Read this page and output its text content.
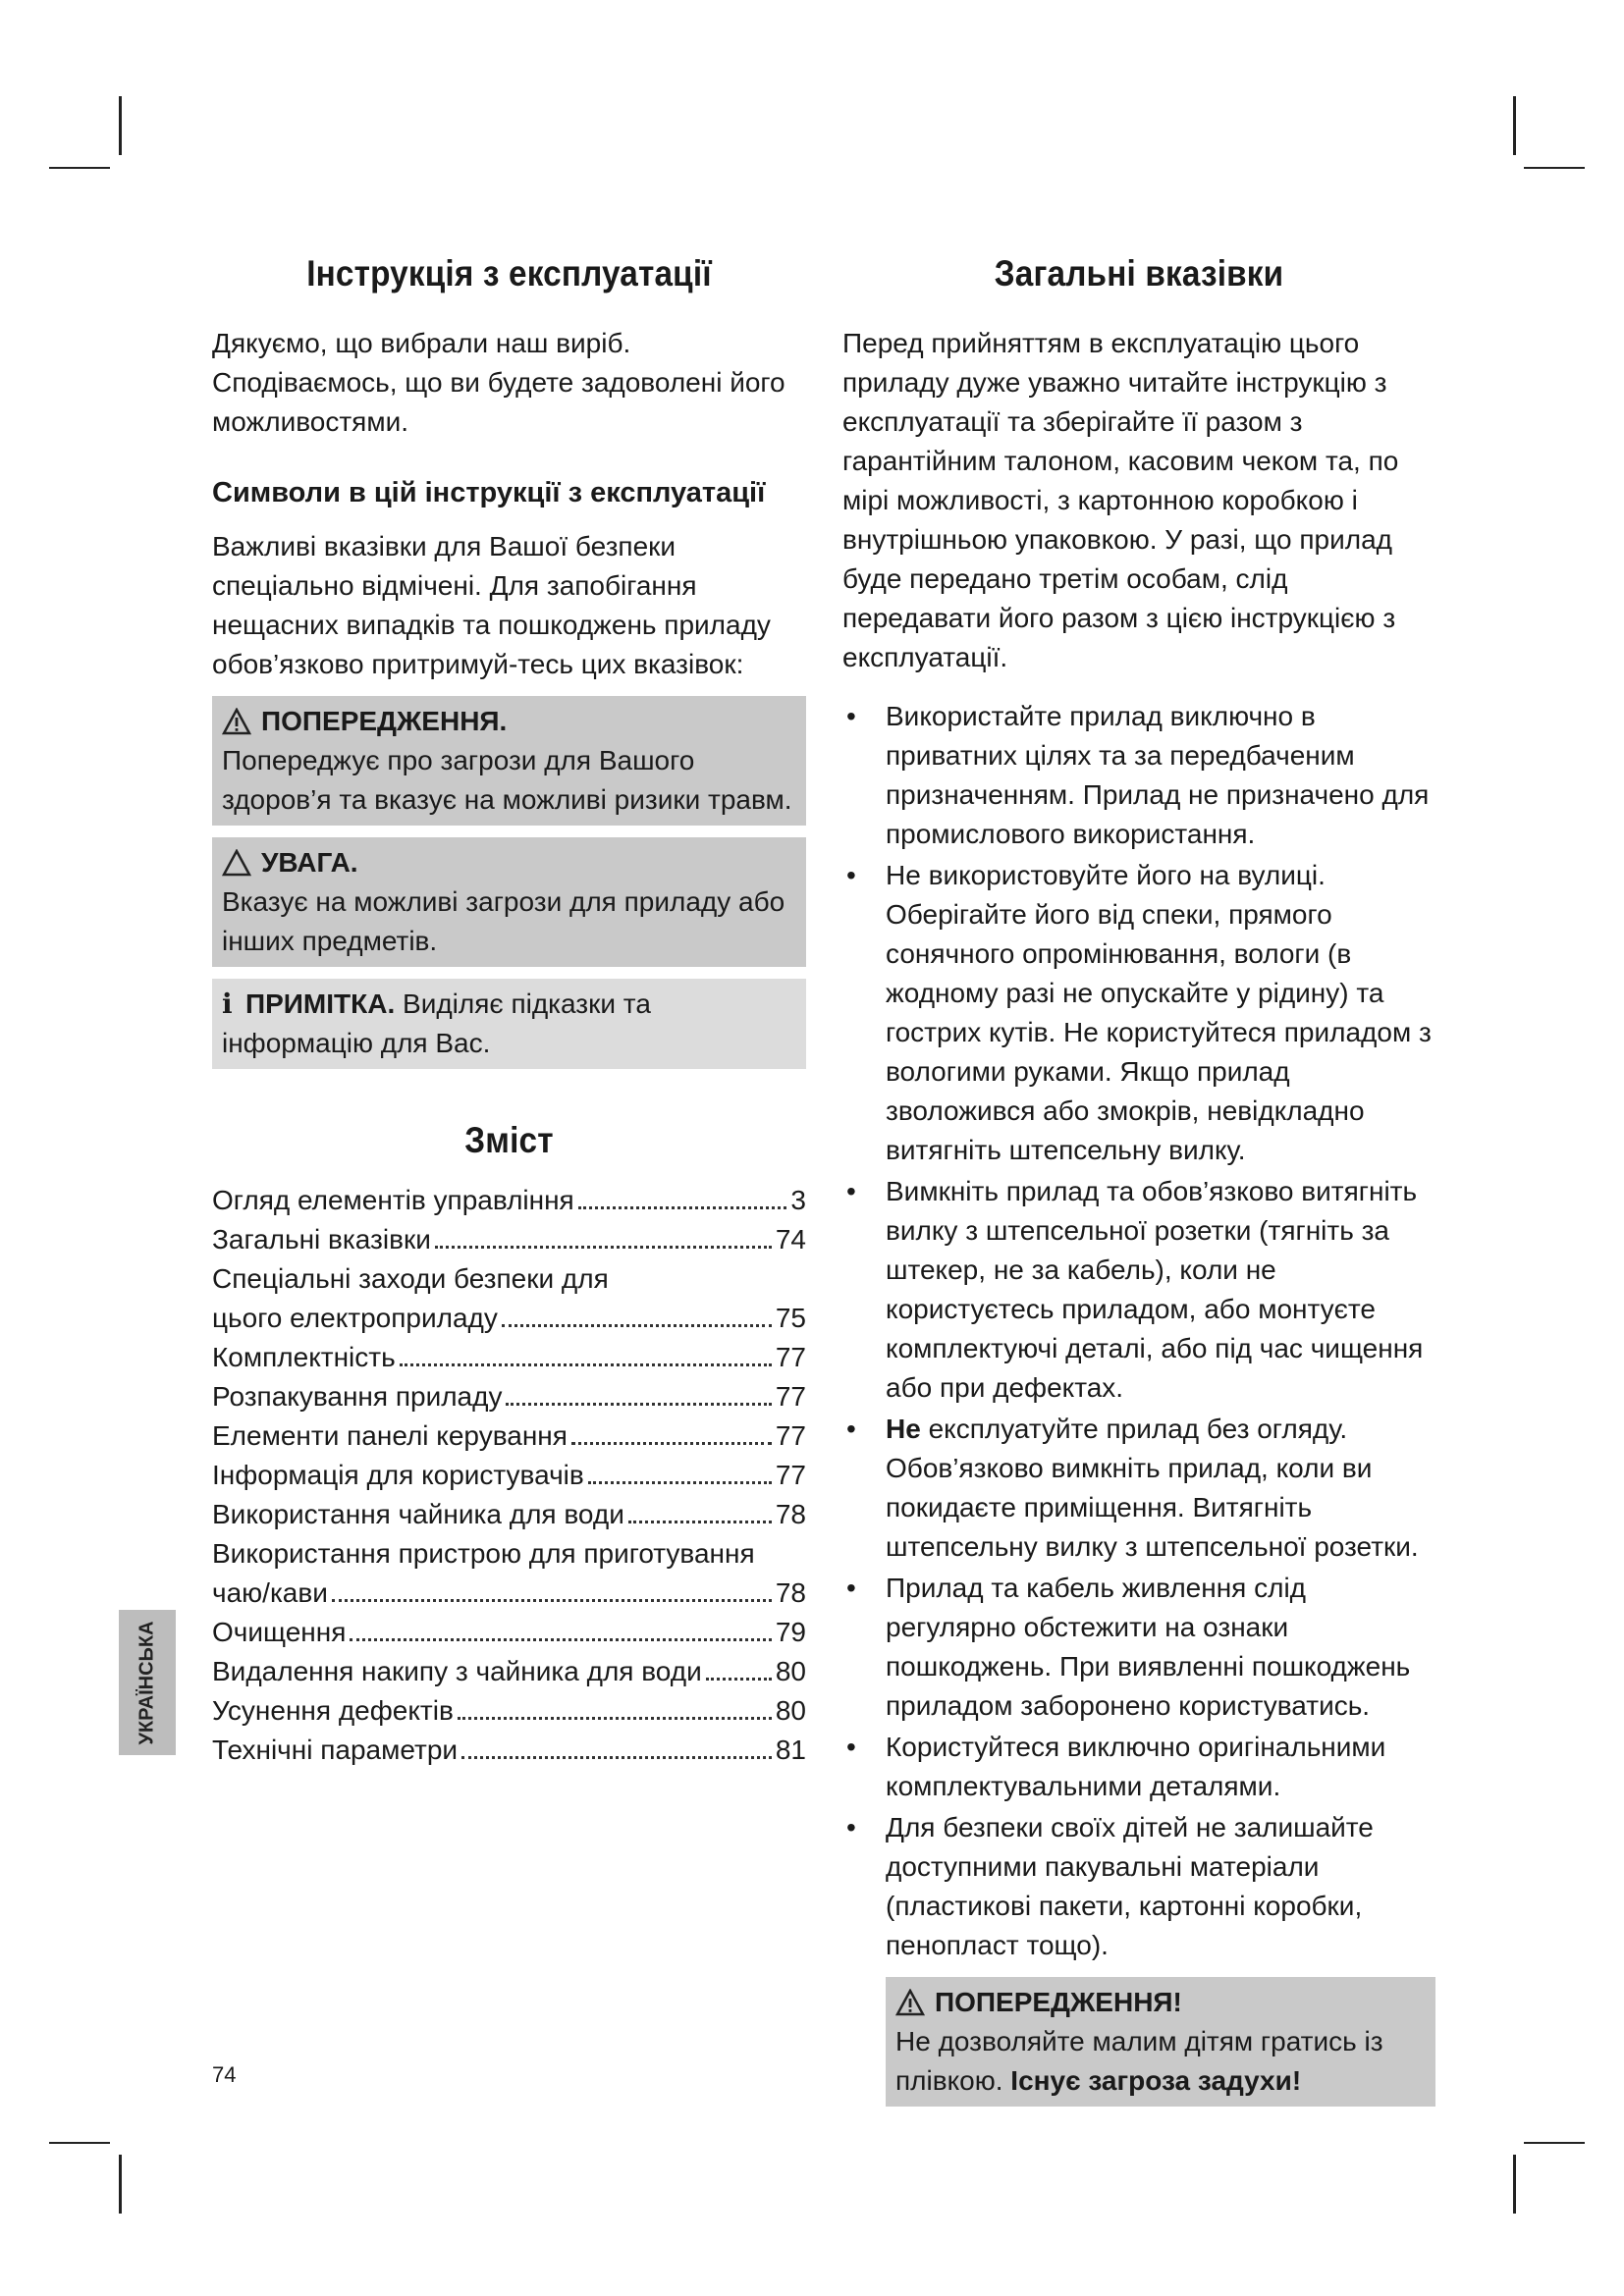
Інструкція з експлуатації

Дякуємо, що вибрали наш виріб. Сподіваємось, що ви будете задоволені його можливостями.

Символи в цій інструкції з експлуатації

Важливі вказівки для Вашої безпеки спеціально відмічені. Для запобігання нещасних випадків та пошкоджень приладу обов’язково притримуй-тесь цих вказівок:

ПОПЕРЕДЖЕННЯ.
Попереджує про загрози для Вашого здоров’я та вказує на можливі ризики травм.
УВАГА.
Вказує на можливі загрози для приладу або інших предметів.
ℹ ПРИМІТКА. Виділяє підказки та інформацію для Вас.
Зміст
Огляд елементів управління	3
Загальні вказівки	74
Спеціальні заходи безпеки для
цього електроприладу	75
Комплектність	77
Розпакування приладу	77
Елементи панелі керування	77
Інформація для користувачів	77
Використання чайника для води	78
Використання пристрою для приготування
чаю/кави	78
Очищення	79
Видалення накипу з чайника для води	80
Усунення дефектів	80
Технічні параметри	81
Загальні вказівки

Перед прийняттям в експлуатацію цього приладу дуже уважно читайте інструкцію з експлуатації та зберігайте її разом з гарантійним талоном, касовим чеком та, по мірі можливості, з картонною коробкою і внутрішньою упаковкою. У разі, що прилад буде передано третім особам, слід передавати його разом з цією інструкцією з експлуатації.

• Використайте прилад виключно в приватних цілях та за передбаченим призначенням. Прилад не призначено для промислового використання.
• Не використовуйте його на вулиці. Оберігайте його від спеки, прямого сонячного опромінювання, вологи (в жодному разі не опускайте у рідину) та гострих кутів. Не користуйтеся приладом з вологими руками. Якщо прилад зволожився або змокрів, невідкладно витягніть штепсельну вилку.
• Вимкніть прилад та обов’язково витягніть вилку з штепсельної розетки (тягніть за штекер, не за кабель), коли не користуєтесь приладом, або монтуєте комплектуючі деталі, або під час чищення або при дефектах.
• Не експлуатуйте прилад без огляду. Обов’язково вимкніть прилад, коли ви покидаєте приміщення. Витягніть штепсельну вилку з штепсельної розетки.
• Прилад та кабель живлення слід регулярно обстежити на ознаки пошкоджень. При виявленні пошкоджень приладом заборонено користуватись.
• Користуйтеся виключно оригінальними комплектувальними деталями.
• Для безпеки своїх дітей не залишайте доступними пакувальні матеріали (пластикові пакети, картонні коробки, пенопласт тощо).
ПОПЕРЕДЖЕННЯ!
Не дозволяйте малим дітям гратись із плівкою. Існує загроза задухи!
УКРАЇНСЬКА
74
